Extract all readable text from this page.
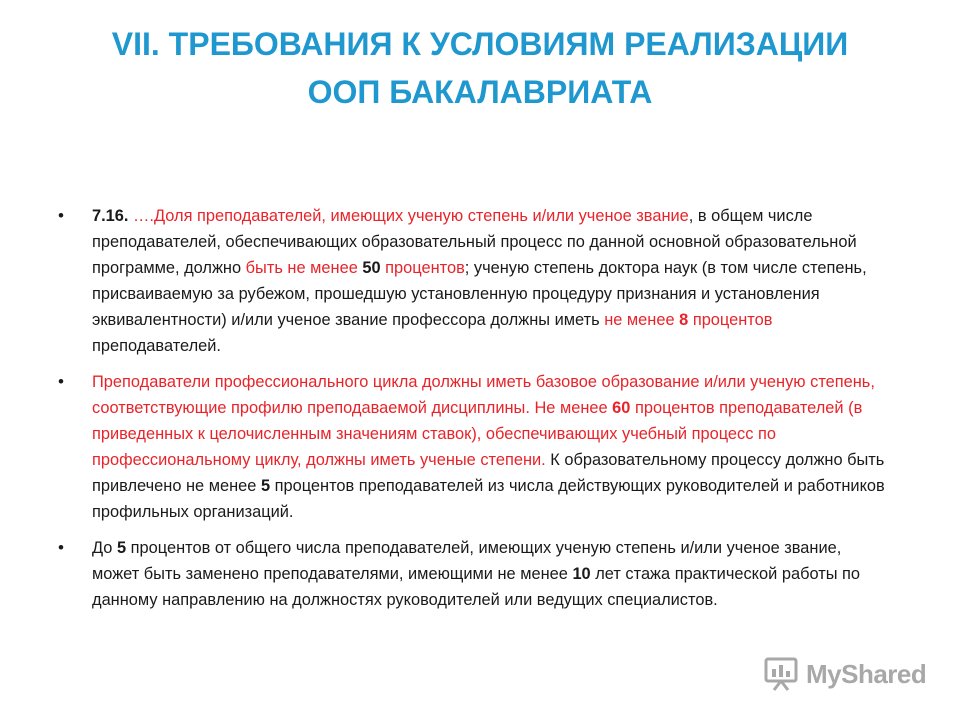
VII. ТРЕБОВАНИЯ К УСЛОВИЯМ РЕАЛИЗАЦИИ
ООП БАКАЛАВРИАТА
• 7.16. ….Доля преподавателей, имеющих ученую степень и/или ученое звание, в общем числе преподавателей, обеспечивающих образовательный процесс по данной основной образовательной программе, должно быть не менее 50 процентов; ученую степень доктора наук (в том числе степень, присваиваемую за рубежом, прошедшую установленную процедуру признания и установления эквивалентности) и/или ученое звание профессора должны иметь не менее 8 процентов преподавателей.
• Преподаватели профессионального цикла должны иметь базовое образование и/или ученую степень, соответствующие профилю преподаваемой дисциплины. Не менее 60 процентов преподавателей (в приведенных к целочисленным значениям ставок), обеспечивающих учебный процесс по профессиональному циклу, должны иметь ученые степени. К образовательному процессу должно быть привлечено не менее 5 процентов преподавателей из числа действующих руководителей и работников профильных организаций.
• До 5 процентов от общего числа преподавателей, имеющих ученую степень и/или ученое звание, может быть заменено преподавателями, имеющими не менее 10 лет стажа практической работы по данному направлению на должностях руководителей или ведущих специалистов.
MyShared
